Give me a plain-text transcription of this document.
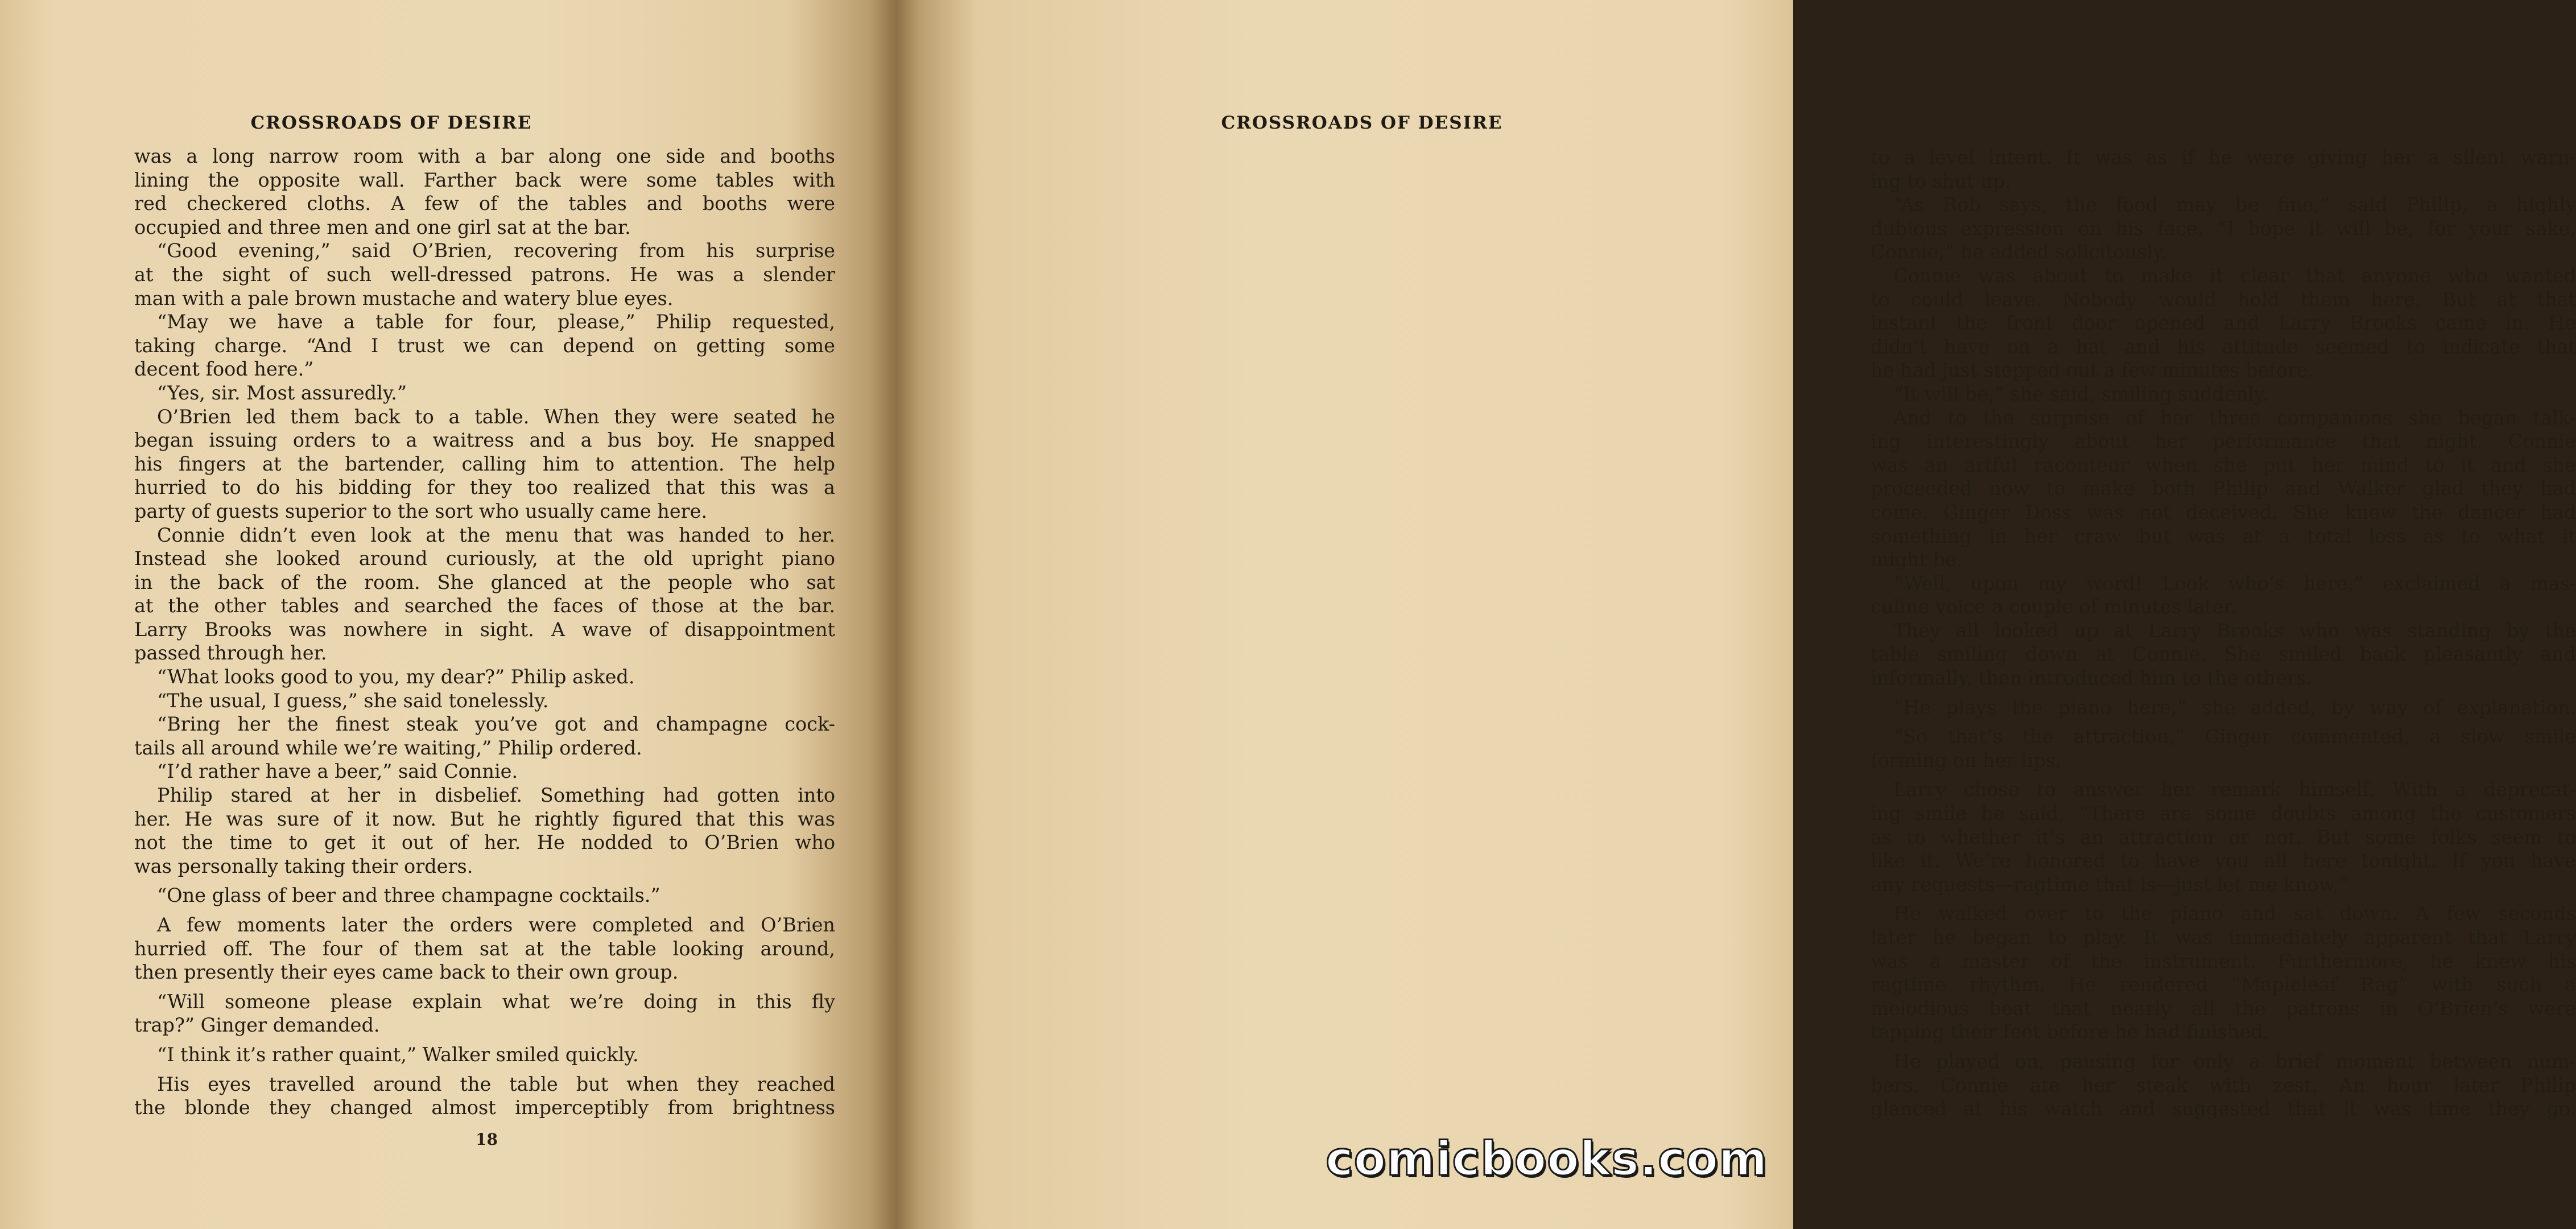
CROSSROADS OF DESIRE
was a long narrow room with a bar along one side and booths
lining the opposite wall. Farther back were some tables with
red checkered cloths. A few of the tables and booths were
occupied and three men and one girl sat at the bar.
“Good evening,” said O’Brien, recovering from his surprise
at the sight of such well-dressed patrons. He was a slender
man with a pale brown mustache and watery blue eyes.
“May we have a table for four, please,” Philip requested,
taking charge. “And I trust we can depend on getting some
decent food here.”
“Yes, sir. Most assuredly.”
O’Brien led them back to a table. When they were seated he
began issuing orders to a waitress and a bus boy. He snapped
his fingers at the bartender, calling him to attention. The help
hurried to do his bidding for they too realized that this was a
party of guests superior to the sort who usually came here.
Connie didn’t even look at the menu that was handed to her.
Instead she looked around curiously, at the old upright piano
in the back of the room. She glanced at the people who sat
at the other tables and searched the faces of those at the bar.
Larry Brooks was nowhere in sight. A wave of disappointment
passed through her.
“What looks good to you, my dear?” Philip asked.
“The usual, I guess,” she said tonelessly.
“Bring her the finest steak you’ve got and champagne cock-
tails all around while we’re waiting,” Philip ordered.
“I’d rather have a beer,” said Connie.
Philip stared at her in disbelief. Something had gotten into
her. He was sure of it now. But he rightly figured that this was
not the time to get it out of her. He nodded to O’Brien who
was personally taking their orders.
“One glass of beer and three champagne cocktails.”
A few moments later the orders were completed and O’Brien
hurried off. The four of them sat at the table looking around,
then presently their eyes came back to their own group.
“Will someone please explain what we’re doing in this fly
trap?” Ginger demanded.
“I think it’s rather quaint,” Walker smiled quickly.
His eyes travelled around the table but when they reached
the blonde they changed almost imperceptibly from brightness
18
CROSSROADS OF DESIRE
to a level intent. It was as if he were giving her a silent warn-
ing to shut up.
“As Rob says, the food may be fine,” said Philip, a highly
dubious expression on his face. “I hope it will be, for your sake,
Connie,” he added solicitously.
Connie was about to make it clear that anyone who wanted
to could leave. Nobody would hold them here. But at that
instant the front door opened and Larry Brooks came in. He
didn’t have on a hat and his attitude seemed to indicate that
he had just stepped out a few minutes before.
“It will be,” she said, smiling suddenly.
And to the surprise of her three companions she began talk-
ing interestingly about her performance that night. Connie
was an artful raconteur when she put her mind to it and she
proceeded now to make both Philip and Walker glad they had
come. Ginger Doss was not deceived. She knew the dancer had
something in her craw but was at a total loss as to what it
might be.
“Well, upon my word! Look who’s here,” exclaimed a mas-
culine voice a couple of minutes later.
They all looked up at Larry Brooks who was standing by the
table smiling down at Connie. She smiled back pleasantly and
informally, then introduced him to the others.
“He plays the piano here,” she added, by way of explanation.
“So that’s the attraction,” Ginger commented, a slow smile
forming on her lips.
Larry chose to answer her remark himself. With a deprecat-
ing smile he said, “There are some doubts among the customers
as to whether it’s an attraction or not. But some folks seem to
like it. We’re honored to have you all here tonight. If you have
any requests—ragtime that is—just let me know.”
He walked over to the piano and sat down. A few seconds
later he began to play. It was immediately apparent that Larry
was a master of the instrument. Furthermore, he knew his
ragtime rhythm. He rendered “Mapleleaf Rag” with such a
melodious beat that nearly all the patrons in O’Brien’s were
tapping their feet before he had finished.
He played on, pausing for only a brief moment between num-
bers. Connie ate her steak with zest. An hour later Philip
glanced at his watch and suggested that it was time they go.
19
comicbooks.com
